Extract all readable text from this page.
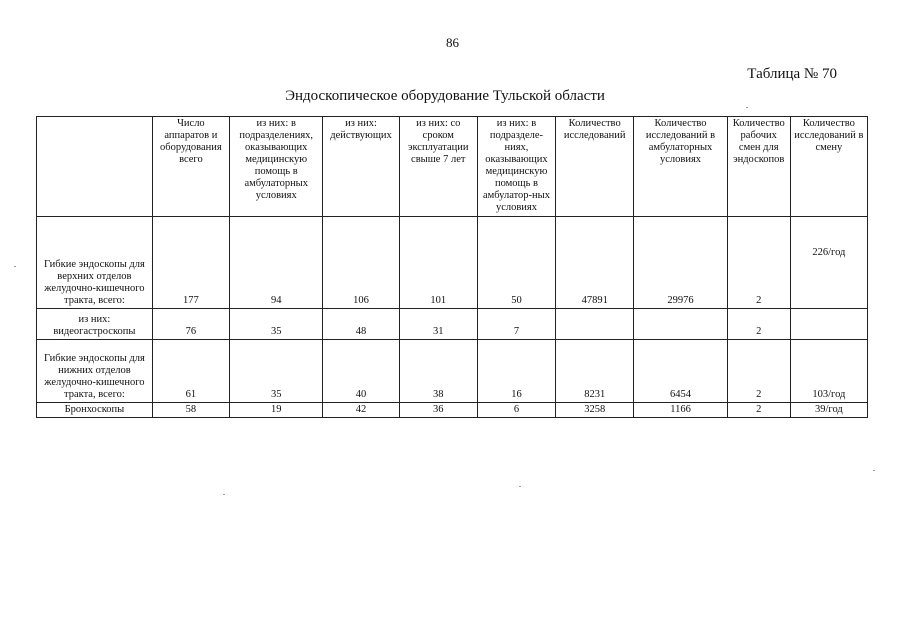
86
Таблица № 70
Эндоскопическое оборудование Тульской области
	Число аппаратов и оборудования всего	из них: в подразделениях, оказывающих медицинскую помощь в амбулаторных условиях	из них: действующих	из них: со сроком эксплуатации свыше 7 лет	из них: в подразделе-ниях, оказывающих медицинскую помощь в амбулатор-ных условиях	Количество исследований	Количество исследований в амбулаторных условиях	Количество рабочих смен для эндоскопов	Количество исследований в смену
Гибкие эндоскопы для верхних отделов желудочно-кишечного тракта, всего:	177	94	106	101	50	47891	29976	2	226/год
из них: видеогастроскопы	76	35	48	31	7			2	
Гибкие эндоскопы для нижних отделов желудочно-кишечного тракта, всего:	61	35	40	38	16	8231	6454	2	103/год
Бронхоскопы	58	19	42	36	6	3258	1166	2	39/год
